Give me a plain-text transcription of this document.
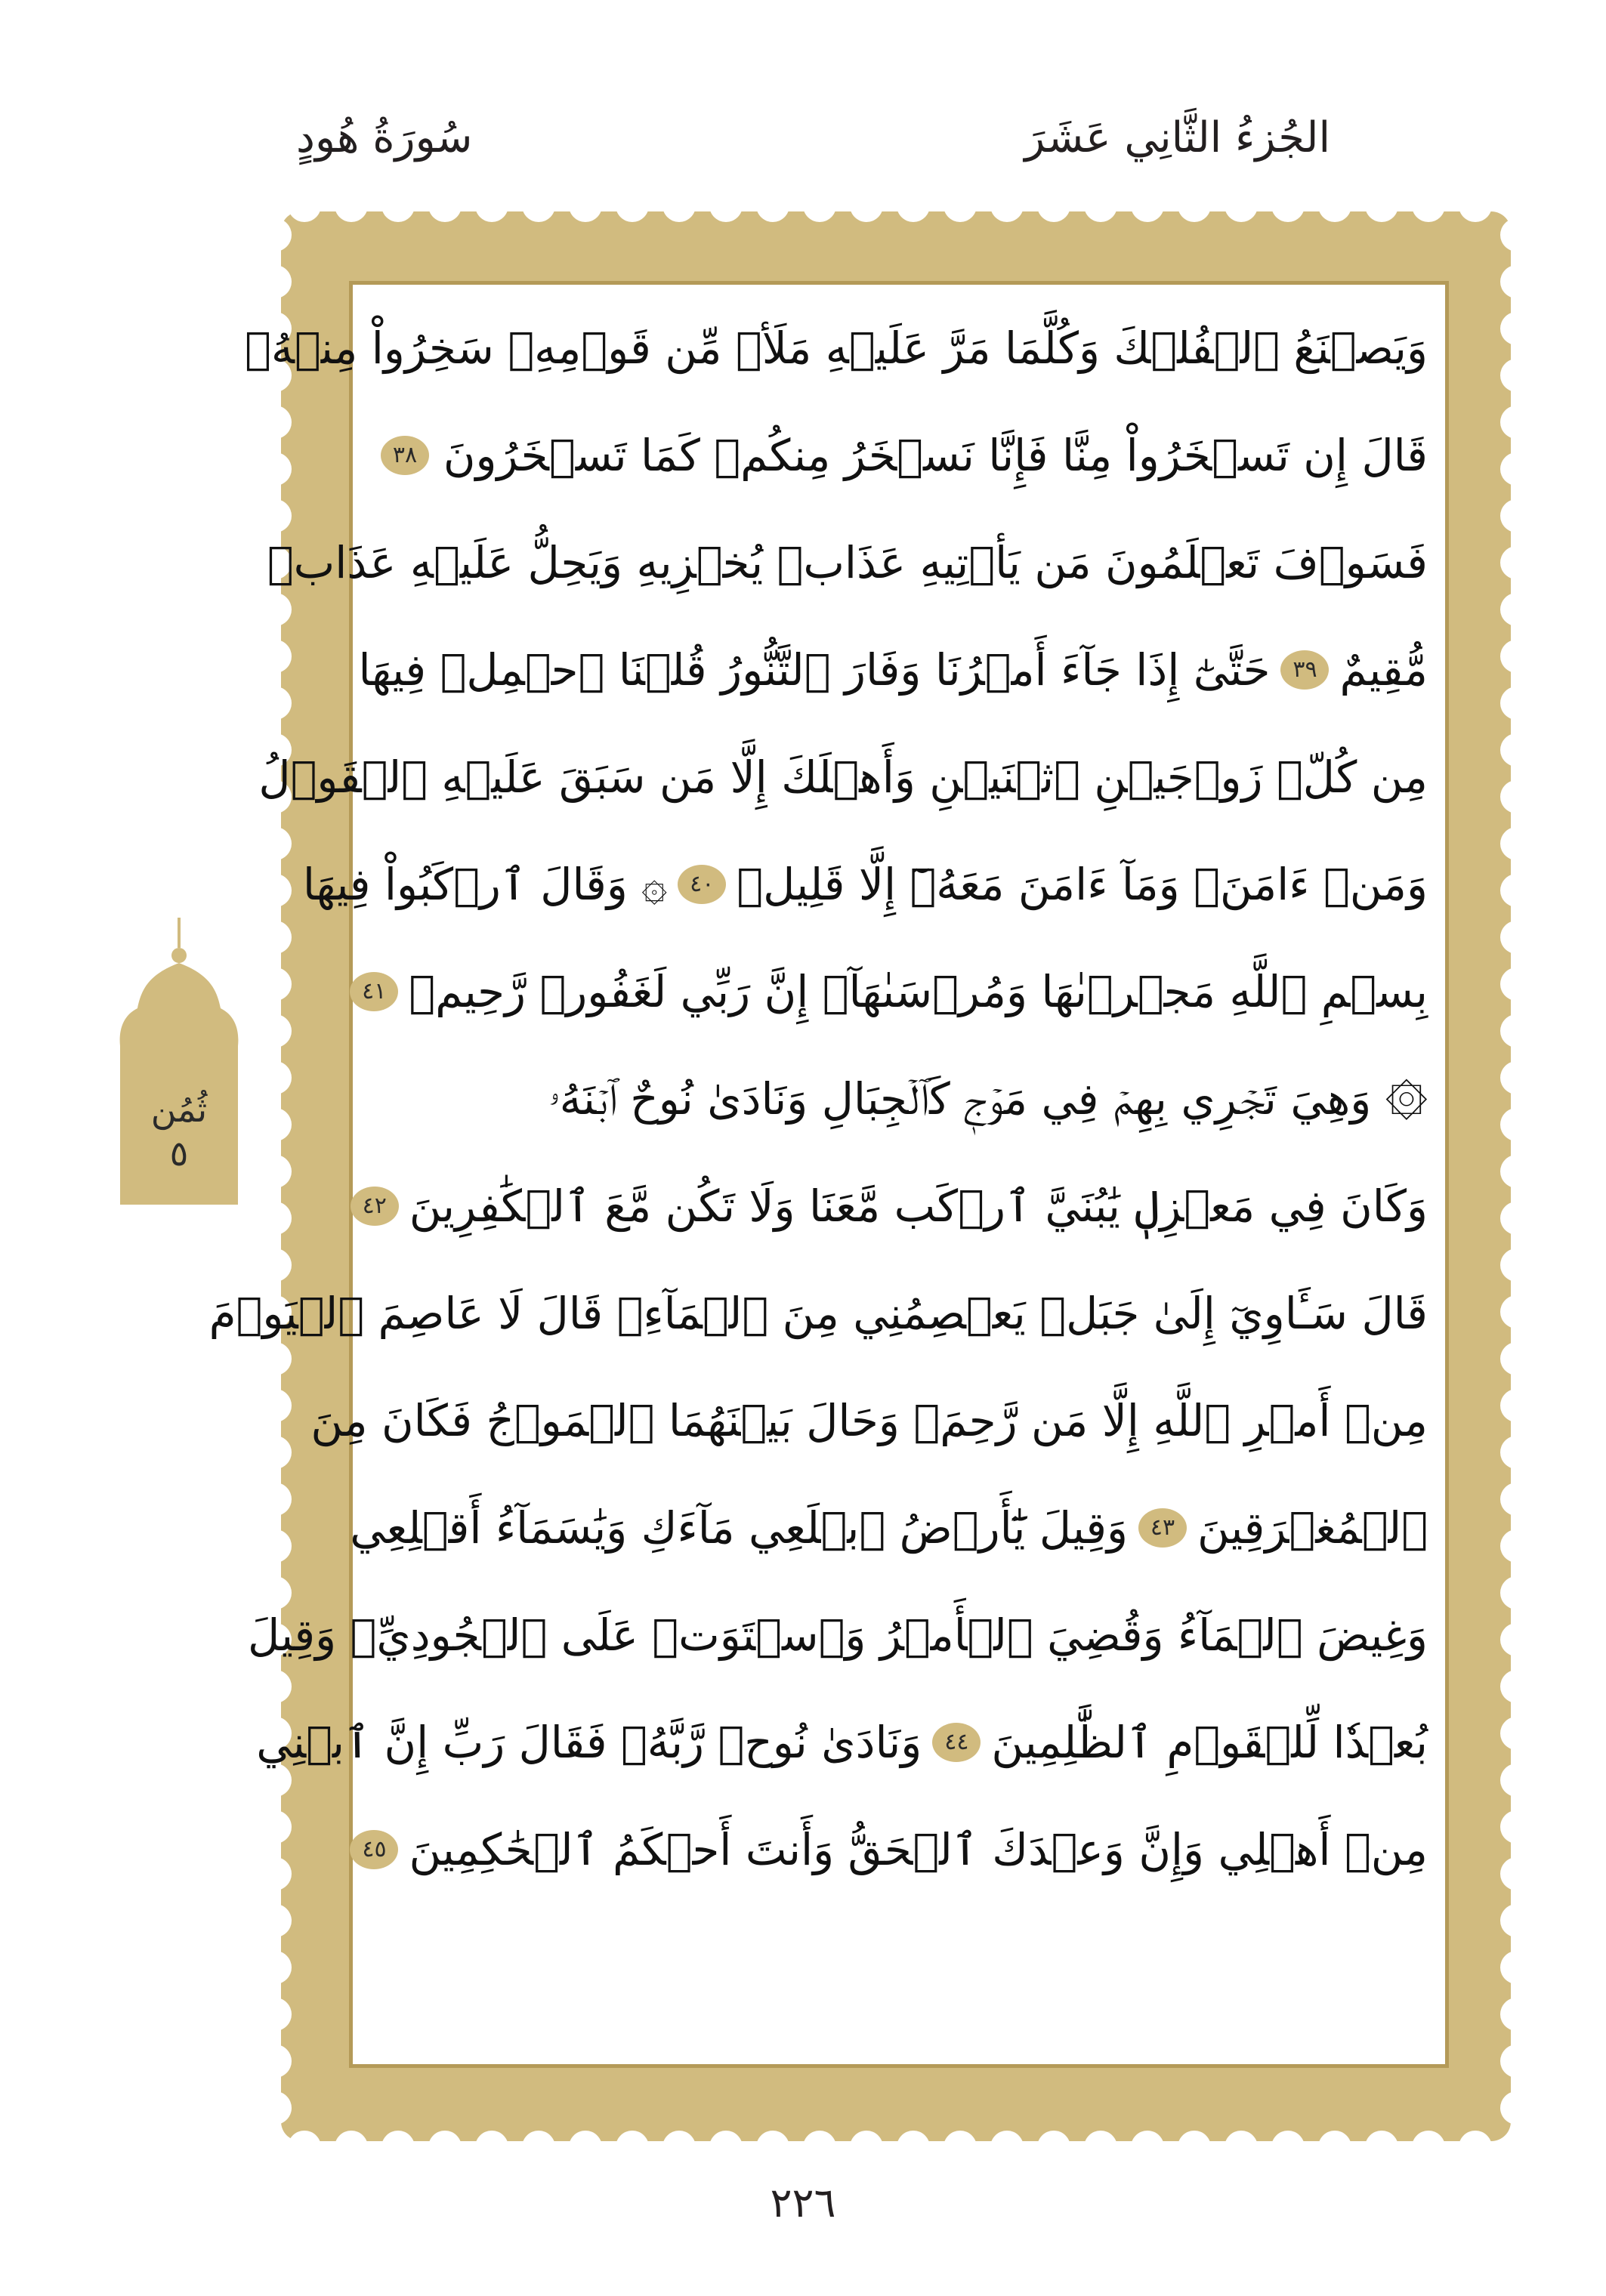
الجُزءُ الثَّانِي عَشَرَ
سُورَةُ هُودٍ
وَيَصۡنَعُ ٱلۡفُلۡكَ وَكُلَّمَا مَرَّ عَلَيۡهِ مَلَأٞ مِّن قَوۡمِهِۦ سَخِرُواْ مِنۡهُۚ
قَالَ إِن تَسۡخَرُواْ مِنَّا فَإِنَّا نَسۡخَرُ مِنكُمۡ كَمَا تَسۡخَرُونَ
٣٨
فَسَوۡفَ تَعۡلَمُونَ مَن يَأۡتِيهِ عَذَابٞ يُخۡزِيهِ وَيَحِلُّ عَلَيۡهِ عَذَابٞ
مُّقِيمٌ
٣٩
حَتَّىٰٓ إِذَا جَآءَ أَمۡرُنَا وَفَارَ ٱلتَّنُّورُ قُلۡنَا ٱحۡمِلۡ فِيهَا
مِن كُلّٖ زَوۡجَيۡنِ ٱثۡنَيۡنِ وَأَهۡلَكَ إِلَّا مَن سَبَقَ عَلَيۡهِ ٱلۡقَوۡلُ
وَمَنۡ ءَامَنَۚ وَمَآ ءَامَنَ مَعَهُۥٓ إِلَّا قَلِيلٞ
٤٠
۞ وَقَالَ ٱرۡكَبُواْ فِيهَا
بِسۡمِ ٱللَّهِ مَجۡرٜىٰهَا وَمُرۡسَىٰهَآۚ إِنَّ رَبِّي لَغَفُورٞ رَّحِيمٞ
٤١
۞ وَهِيَ تَجۡرِي بِهِمۡ فِي مَوۡجٖ كَٱلۡجِبَالِ وَنَادَىٰ نُوحٌ ٱبۡنَهُۥ
وَكَانَ فِي مَعۡزِلٖ يَٰبُنَيَّ ٱرۡكَب مَّعَنَا وَلَا تَكُن مَّعَ ٱلۡكَٰفِرِينَ
٤٢
قَالَ سَـَٔاوِيٓ إِلَىٰ جَبَلٖ يَعۡصِمُنِي مِنَ ٱلۡمَآءِۚ قَالَ لَا عَاصِمَ ٱلۡيَوۡمَ
مِنۡ أَمۡرِ ٱللَّهِ إِلَّا مَن رَّحِمَۚ وَحَالَ بَيۡنَهُمَا ٱلۡمَوۡجُ فَكَانَ مِنَ
ٱلۡمُغۡرَقِينَ
٤٣
وَقِيلَ يَٰٓأَرۡضُ ٱبۡلَعِي مَآءَكِ وَيَٰسَمَآءُ أَقۡلِعِي
وَغِيضَ ٱلۡمَآءُ وَقُضِيَ ٱلۡأَمۡرُ وَٱسۡتَوَتۡ عَلَى ٱلۡجُودِيِّۖ وَقِيلَ
بُعۡدٗا لِّلۡقَوۡمِ ٱلظَّٰلِمِينَ
٤٤
وَنَادَىٰ نُوحٞ رَّبَّهُۥ فَقَالَ رَبِّ إِنَّ ٱبۡنِي
مِنۡ أَهۡلِي وَإِنَّ وَعۡدَكَ ٱلۡحَقُّ وَأَنتَ أَحۡكَمُ ٱلۡحَٰكِمِينَ
٤٥
ثُمُن
٥
٢٢٦
